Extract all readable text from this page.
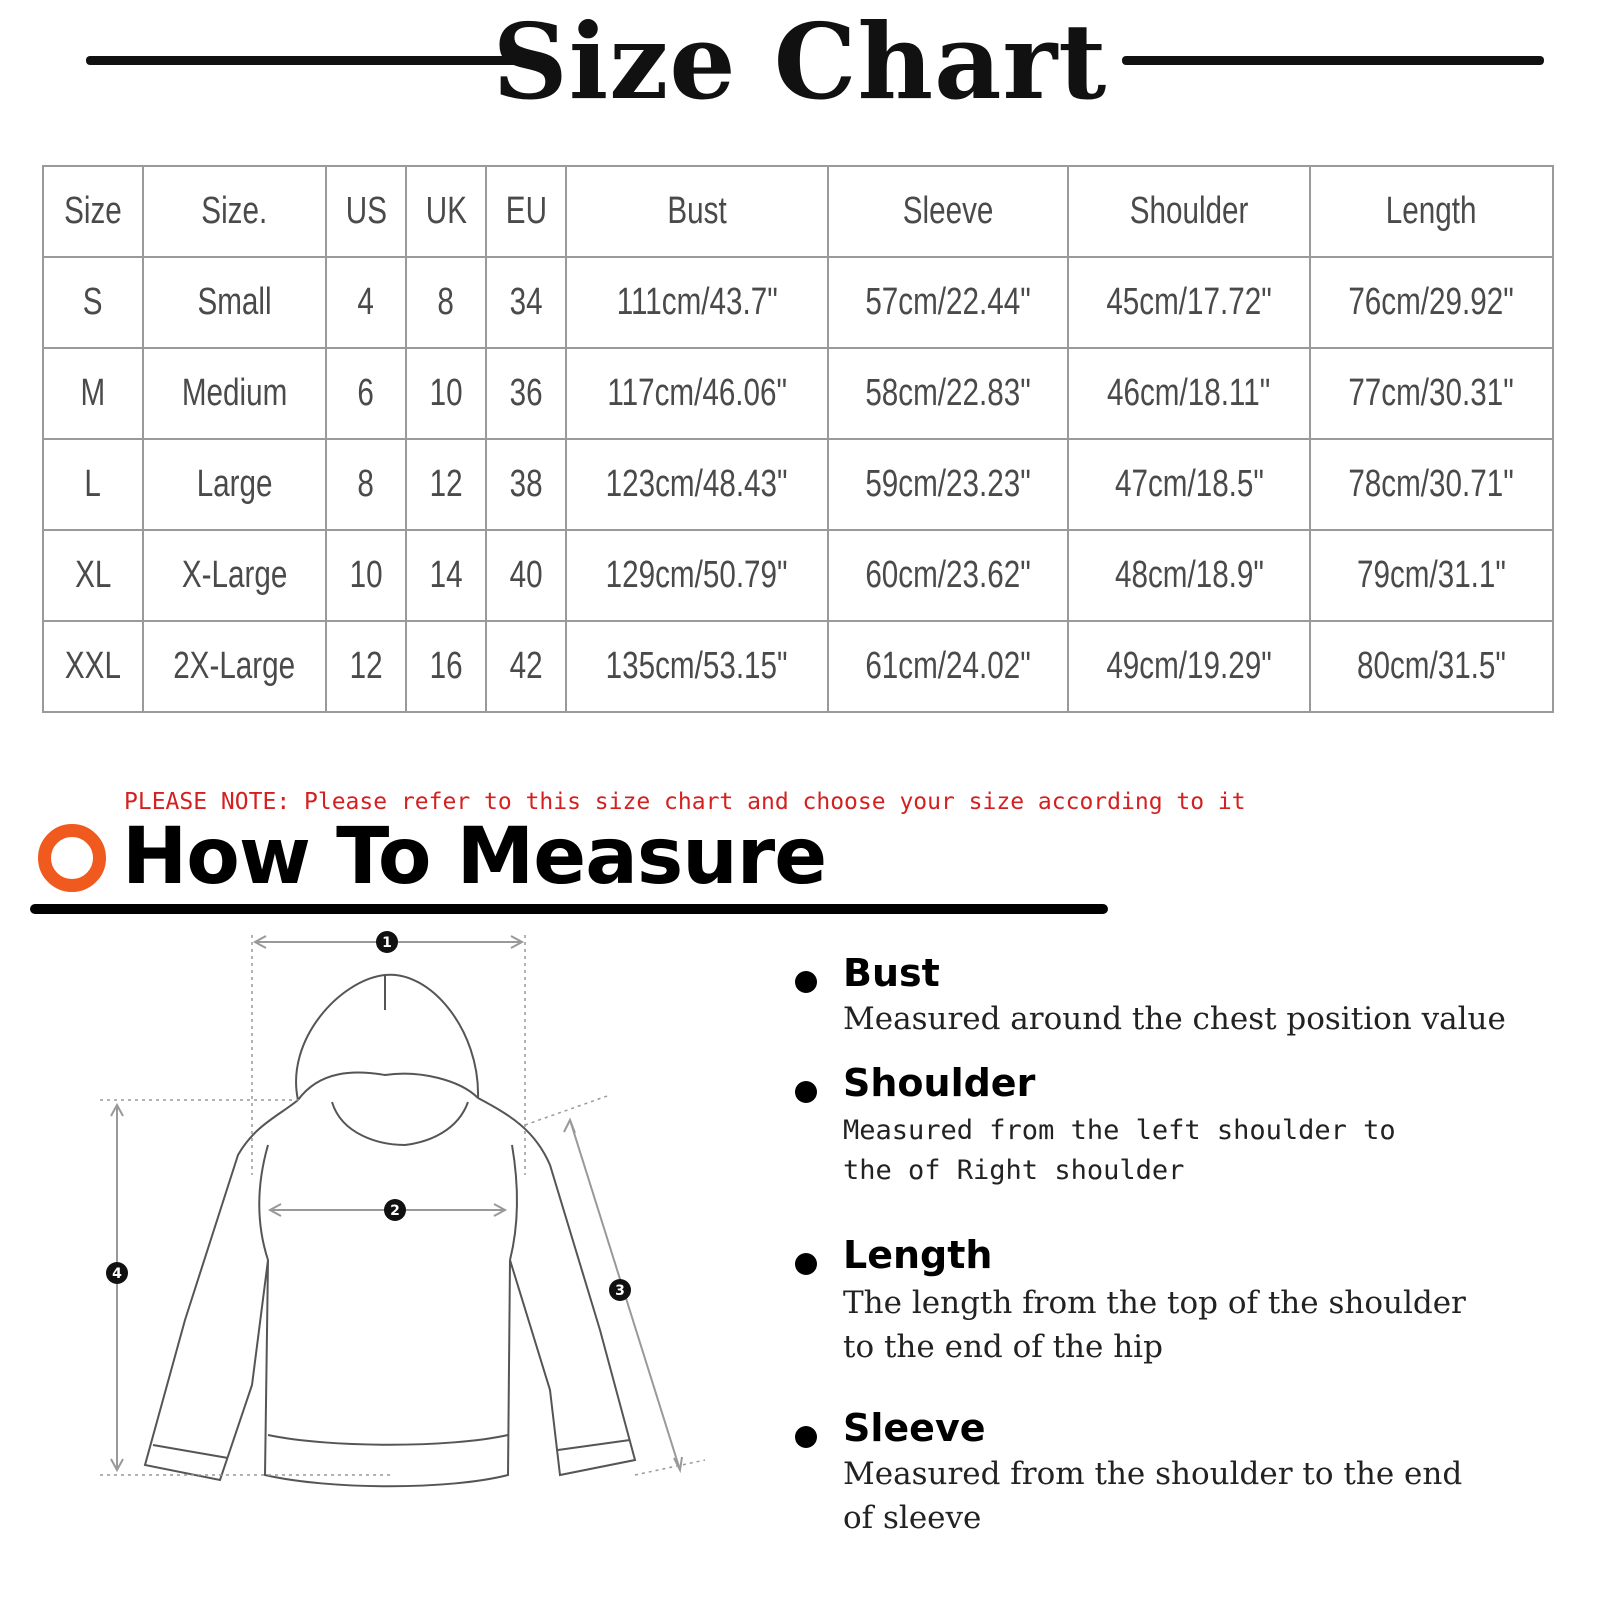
Size Chart
Size	Size.	US	UK	EU	Bust	Sleeve	Shoulder	Length
S	Small	4	8	34	111cm/43.7"	57cm/22.44"	45cm/17.72"	76cm/29.92"
M	Medium	6	10	36	117cm/46.06"	58cm/22.83"	46cm/18.11"	77cm/30.31"
L	Large	8	12	38	123cm/48.43"	59cm/23.23"	47cm/18.5"	78cm/30.71"
XL	X-Large	10	14	40	129cm/50.79"	60cm/23.62"	48cm/18.9"	79cm/31.1"
XXL	2X-Large	12	16	42	135cm/53.15"	61cm/24.02"	49cm/19.29"	80cm/31.5"
PLEASE NOTE: Please refer to this size chart and choose your size according to it
How To Measure
1
2
3
4
Bust
Measured around the chest position value
Shoulder
Measured from the left shoulder to the of Right shoulder
Length
The length from the top of the shoulder to the end of the hip
Sleeve
Measured from the shoulder to the end of sleeve
